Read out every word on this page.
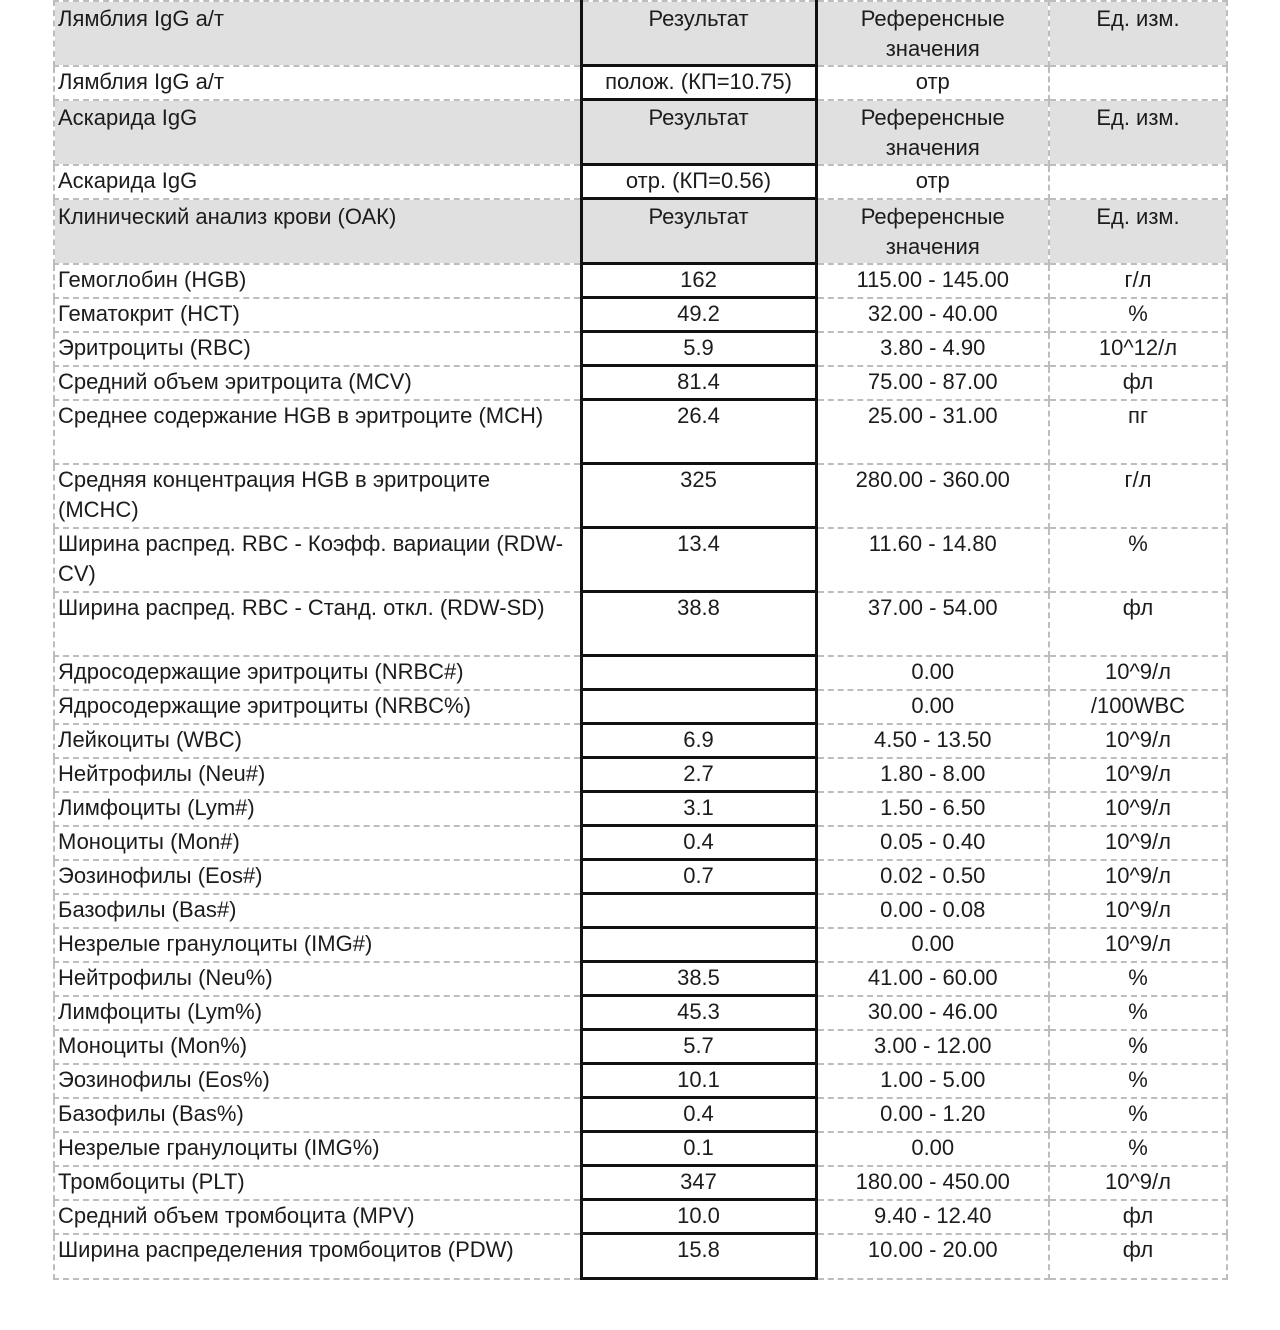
Лямблия IgG а/т	Результат	Референсные значения	Ед. изм.
Лямблия IgG а/т	полож. (КП=10.75)	отр	
Аскарида IgG	Результат	Референсные значения	Ед. изм.
Аскарида IgG	отр. (КП=0.56)	отр	
Клинический анализ крови (ОАК)	Результат	Референсные значения	Ед. изм.
Гемоглобин (HGB)	162	115.00 - 145.00	г/л
Гематокрит (HCT)	49.2	32.00 - 40.00	%
Эритроциты (RBC)	5.9	3.80 - 4.90	10^12/л
Средний объем эритроцита (MCV)	81.4	75.00 - 87.00	фл
Среднее содержание HGB в эритроците (MCH)	26.4	25.00 - 31.00	пг
Средняя концентрация HGB в эритроците (MCHC)	325	280.00 - 360.00	г/л
Ширина распред. RBC - Коэфф. вариации (RDW-CV)	13.4	11.60 - 14.80	%
Ширина распред. RBC - Станд. откл. (RDW-SD)	38.8	37.00 - 54.00	фл
Ядросодержащие эритроциты (NRBC#)		0.00	10^9/л
Ядросодержащие эритроциты (NRBC%)		0.00	/100WBC
Лейкоциты (WBC)	6.9	4.50 - 13.50	10^9/л
Нейтрофилы (Neu#)	2.7	1.80 - 8.00	10^9/л
Лимфоциты (Lym#)	3.1	1.50 - 6.50	10^9/л
Моноциты (Mon#)	0.4	0.05 - 0.40	10^9/л
Эозинофилы (Eos#)	0.7	0.02 - 0.50	10^9/л
Базофилы (Bas#)		0.00 - 0.08	10^9/л
Незрелые гранулоциты (IMG#)		0.00	10^9/л
Нейтрофилы (Neu%)	38.5	41.00 - 60.00	%
Лимфоциты (Lym%)	45.3	30.00 - 46.00	%
Моноциты (Mon%)	5.7	3.00 - 12.00	%
Эозинофилы (Eos%)	10.1	1.00 - 5.00	%
Базофилы (Bas%)	0.4	0.00 - 1.20	%
Незрелые гранулоциты (IMG%)	0.1	0.00	%
Тромбоциты (PLT)	347	180.00 - 450.00	10^9/л
Средний объем тромбоцита (MPV)	10.0	9.40 - 12.40	фл
Ширина распределения тромбоцитов (PDW)	15.8	10.00 - 20.00	фл
